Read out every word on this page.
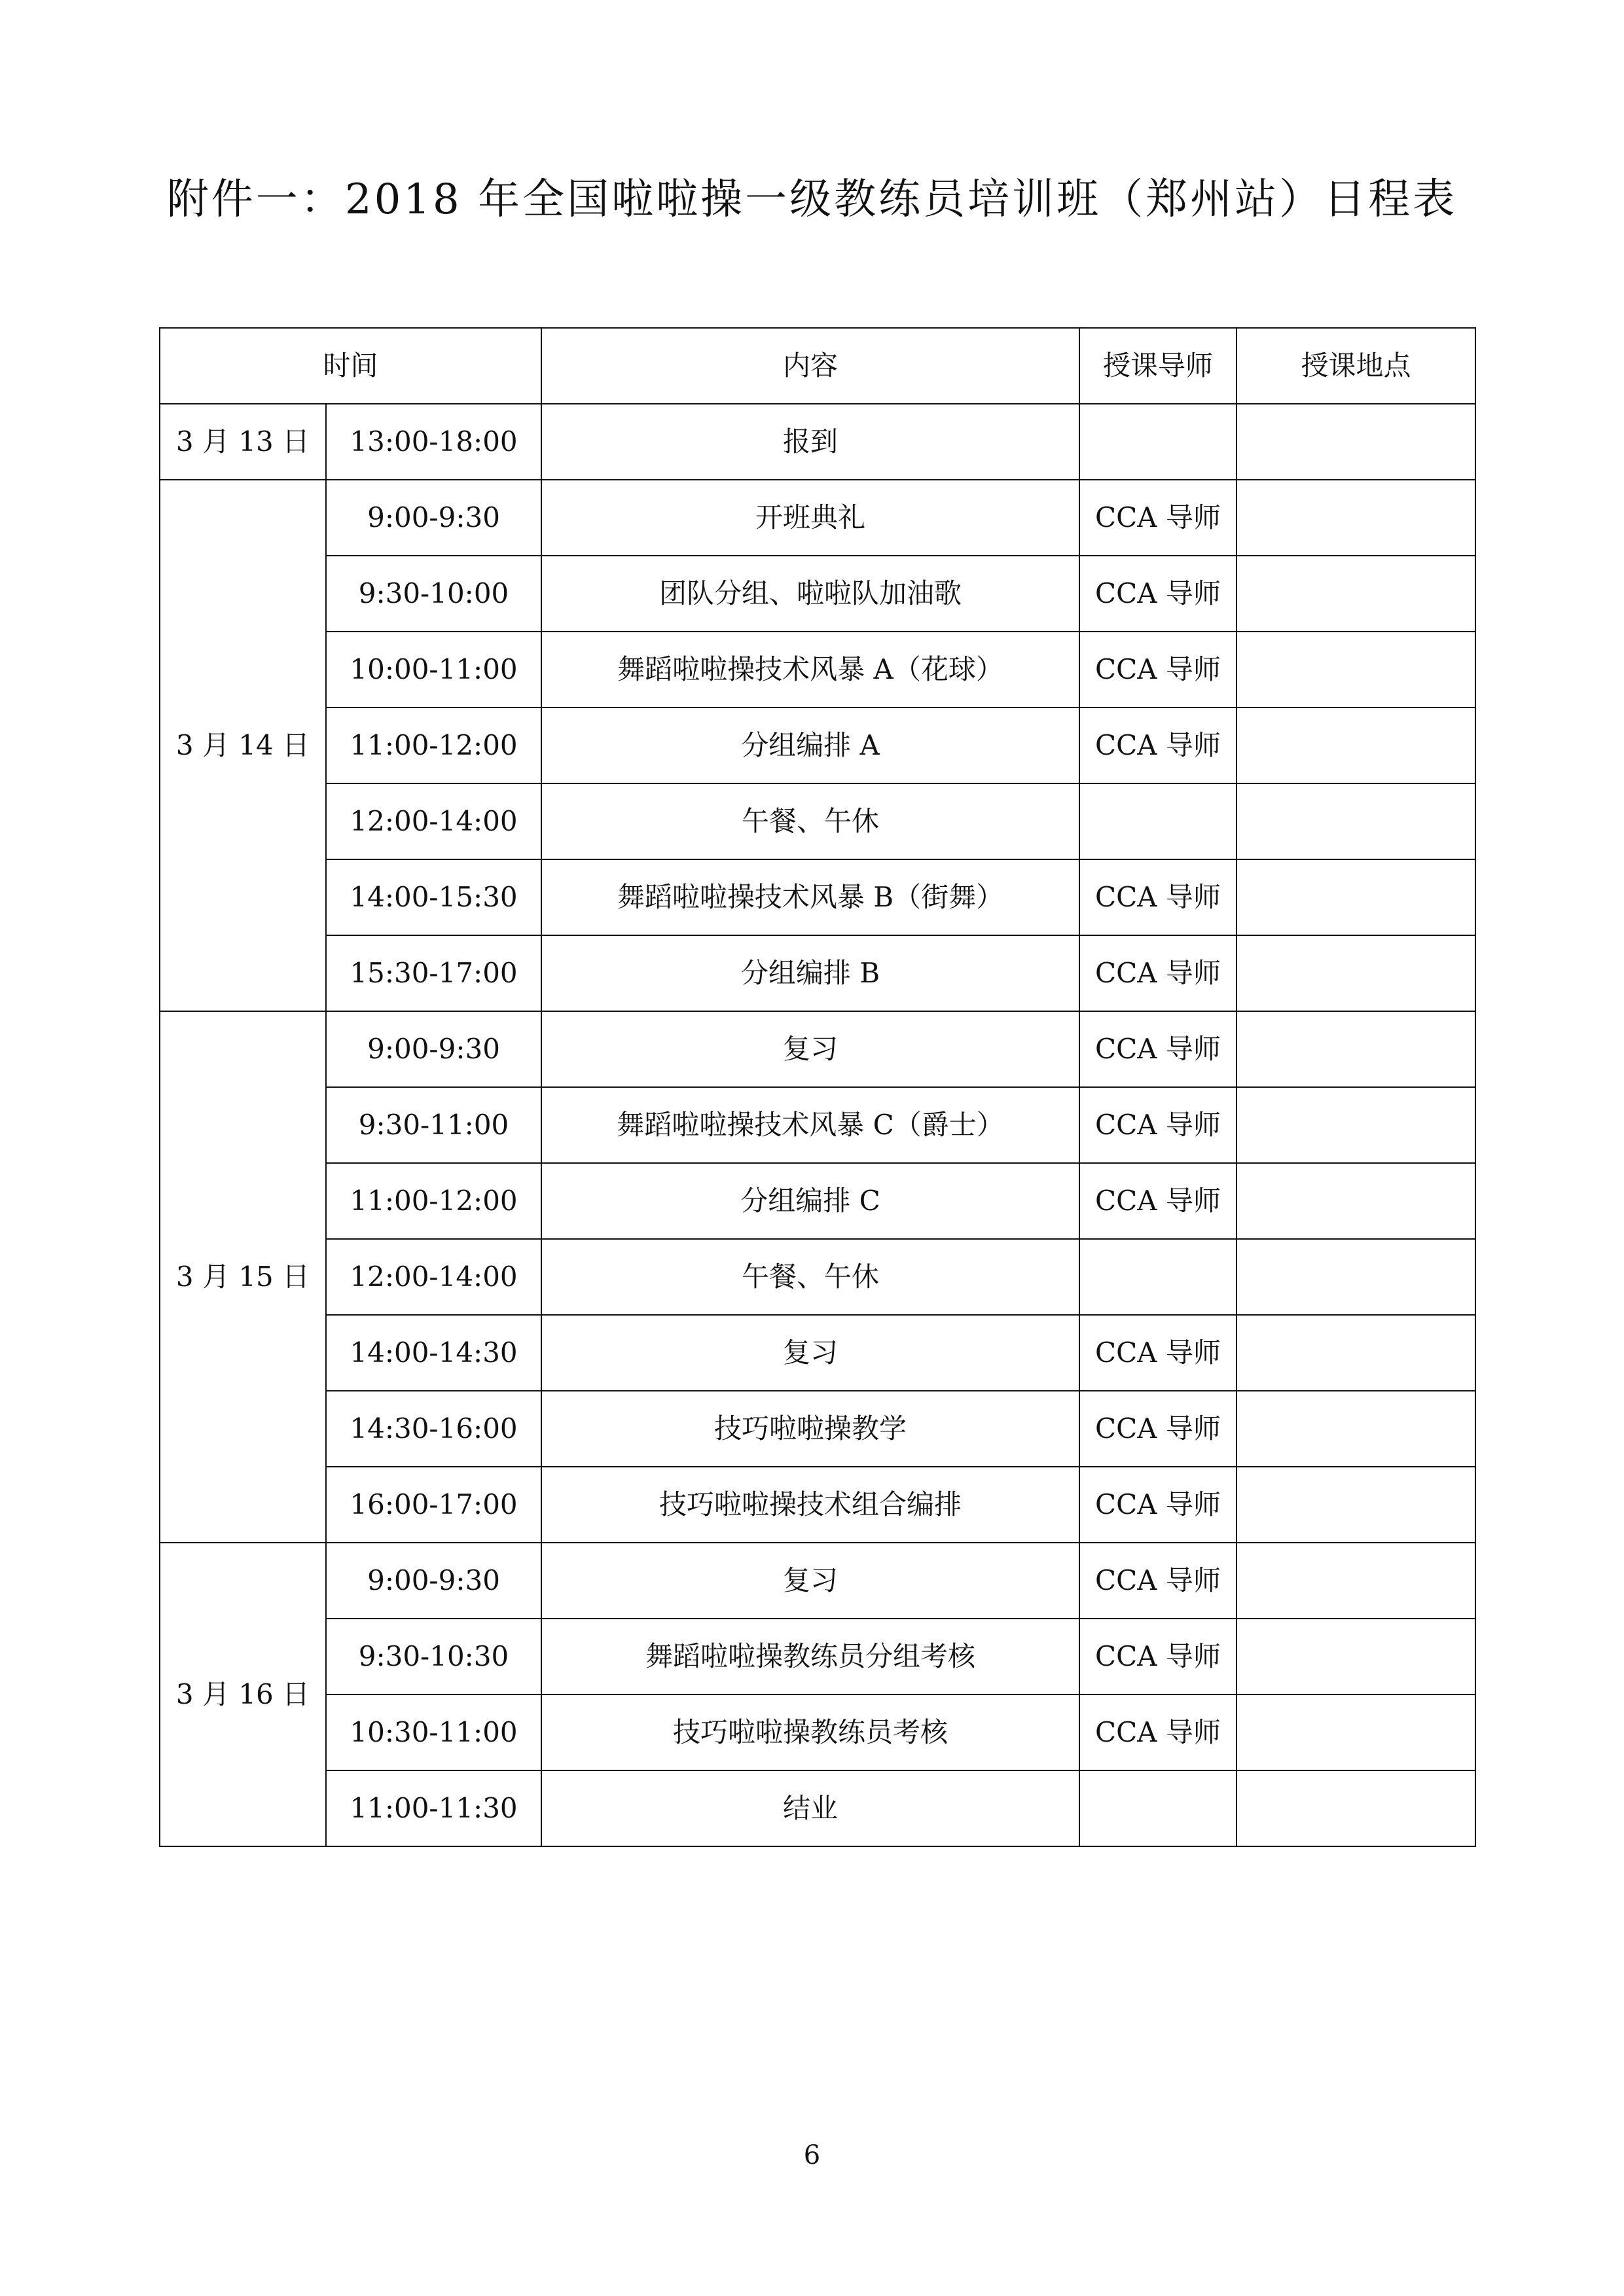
附件一：2018 年全国啦啦操一级教练员培训班（郑州站）日程表
时间		内容	授课导师	授课地点
3 月 13 日	13:00-18:00	报到		
3 月 14 日	9:00-9:30	开班典礼	CCA 导师	
	9:30-10:00	团队分组、啦啦队加油歌	CCA 导师	
	10:00-11:00	舞蹈啦啦操技术风暴 A（花球）	CCA 导师	
	11:00-12:00	分组编排 A	CCA 导师	
	12:00-14:00	午餐、午休		
	14:00-15:30	舞蹈啦啦操技术风暴 B（街舞）	CCA 导师	
	15:30-17:00	分组编排 B	CCA 导师	
3 月 15 日	9:00-9:30	复习	CCA 导师	
	9:30-11:00	舞蹈啦啦操技术风暴 C（爵士）	CCA 导师	
	11:00-12:00	分组编排 C	CCA 导师	
	12:00-14:00	午餐、午休		
	14:00-14:30	复习	CCA 导师	
	14:30-16:00	技巧啦啦操教学	CCA 导师	
	16:00-17:00	技巧啦啦操技术组合编排	CCA 导师	
3 月 16 日	9:00-9:30	复习	CCA 导师	
	9:30-10:30	舞蹈啦啦操教练员分组考核	CCA 导师	
	10:30-11:00	技巧啦啦操教练员考核	CCA 导师	
	11:00-11:30	结业		
6
